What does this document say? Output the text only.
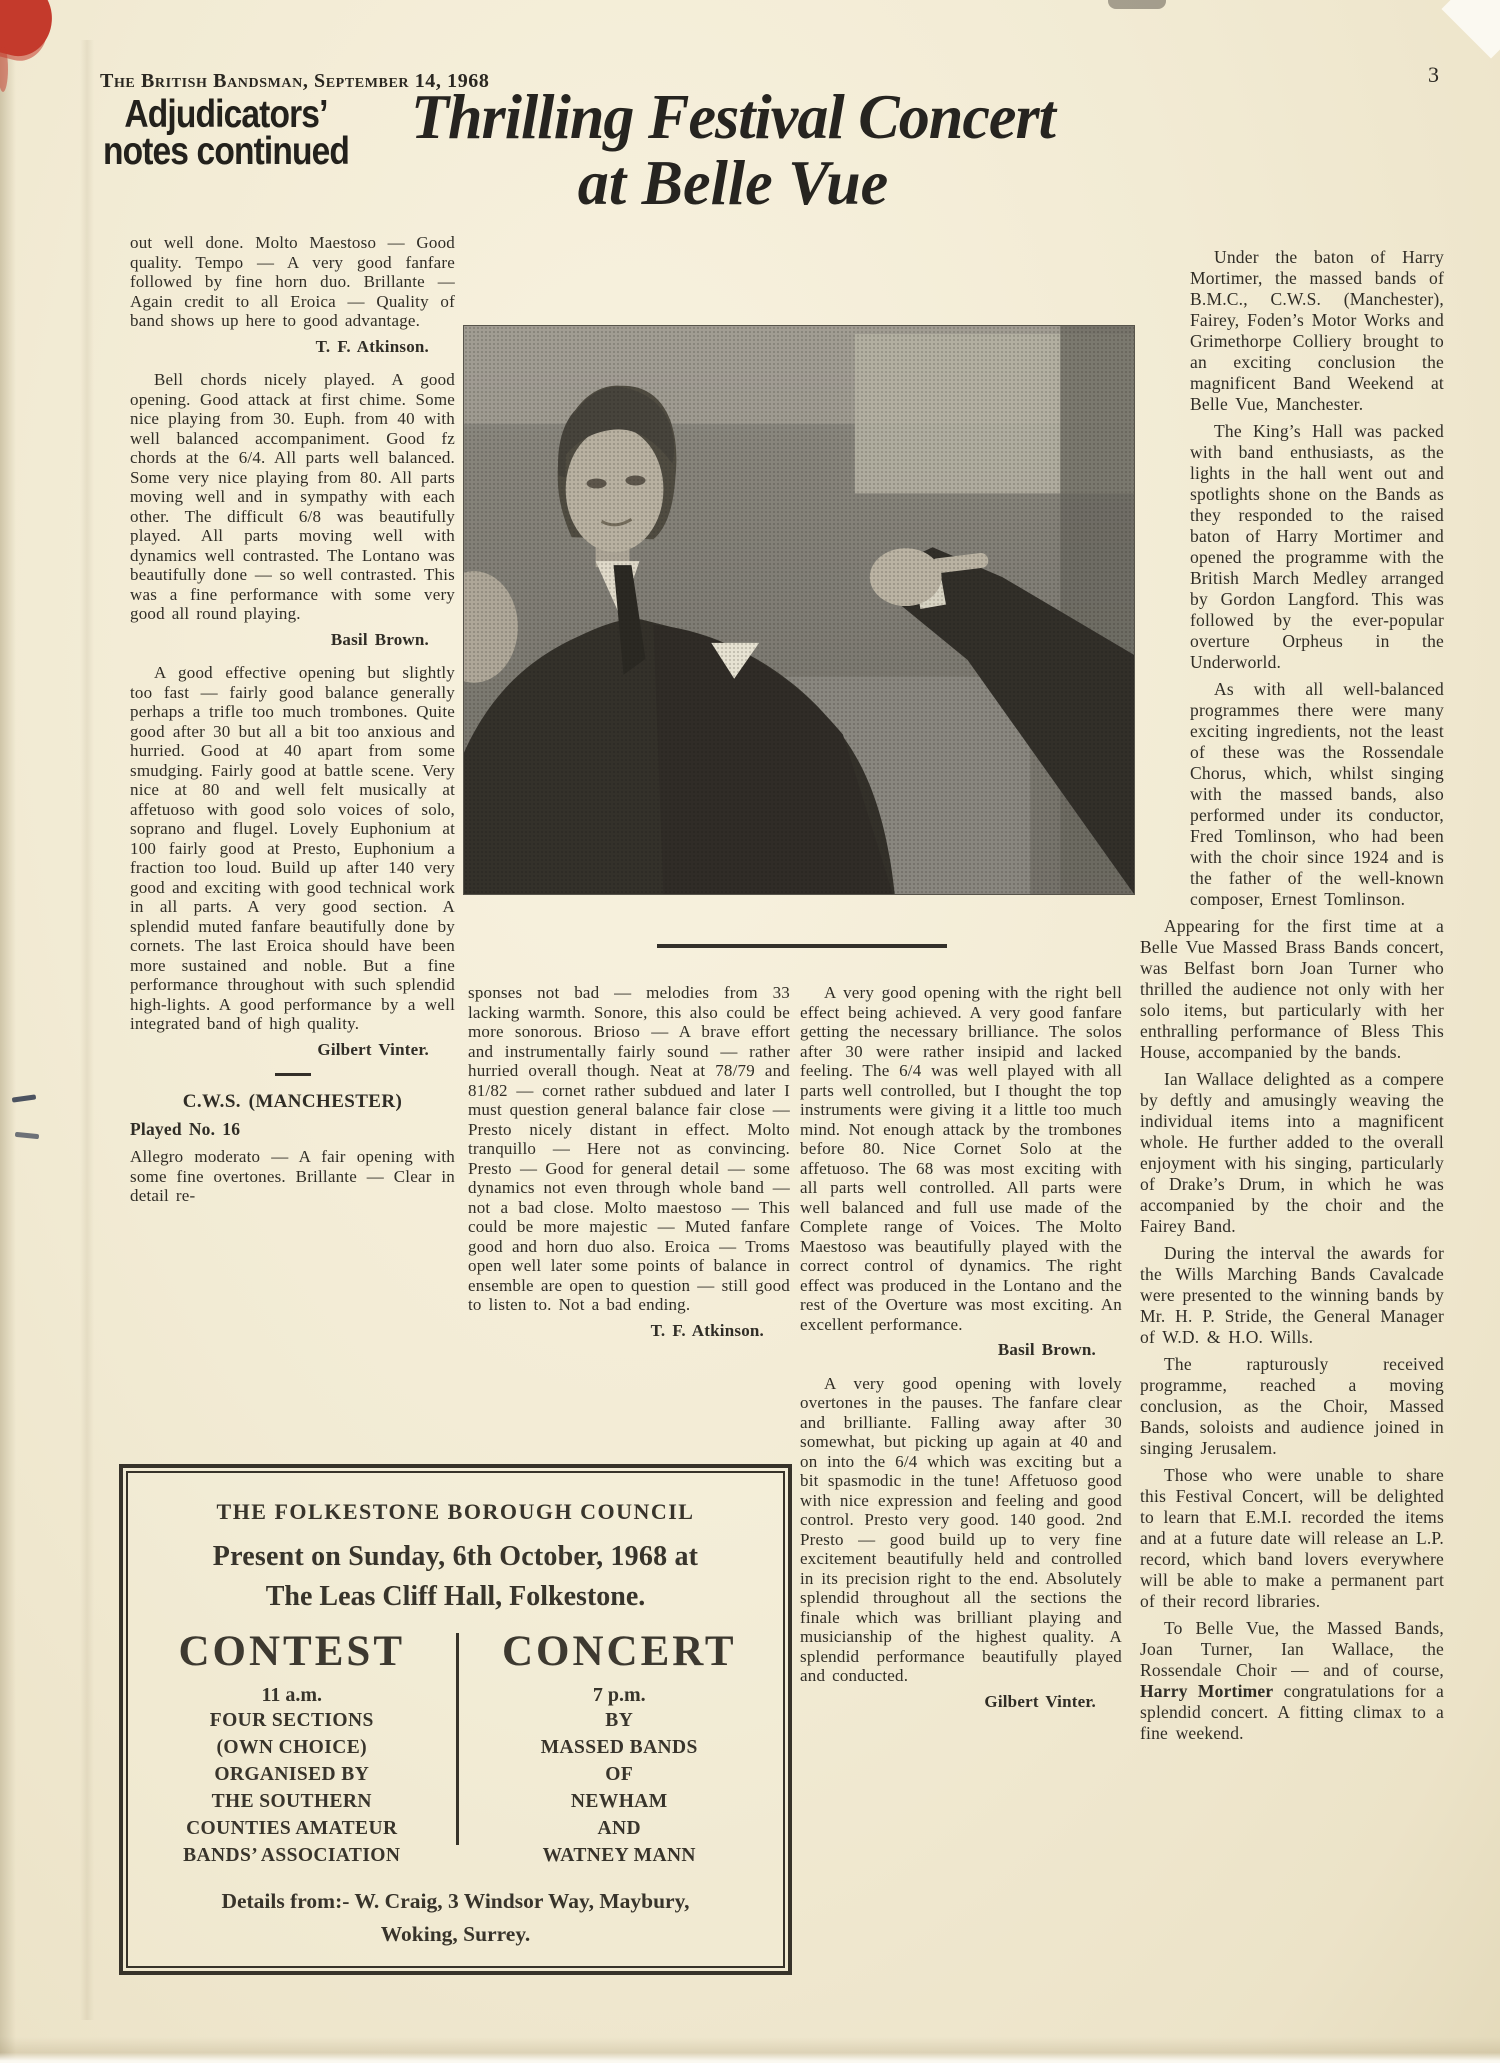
The British Bandsman, September 14, 1968	3
Adjudicators’
notes continued Thrilling Festival Concert
at Belle Vue

out well done. Molto Maestoso — Good quality. Tempo — A very good fanfare followed by fine horn duo. Brillante — Again credit to all Eroica — Quality of band shows up here to good advantage.

T. F. Atkinson.

Bell chords nicely played. A good opening. Good attack at first chime. Some nice playing from 30. Euph. from 40 with well balanced accompaniment. Good fz chords at the 6/4. All parts well balanced. Some very nice playing from 80. All parts moving well and in sympathy with each other. The difficult 6/8 was beautifully played. All parts moving well with dynamics well contrasted. The Lontano was beautifully done — so well contrasted. This was a fine performance with some very good all round playing.

Basil Brown.

A good effective opening but slightly too fast — fairly good balance generally perhaps a trifle too much trombones. Quite good after 30 but all a bit too anxious and hurried. Good at 40 apart from some smudging. Fairly good at battle scene. Very nice at 80 and well felt musically at affetuoso with good solo voices of solo, soprano and flugel. Lovely Euphonium at 100 fairly good at Presto, Euphonium a fraction too loud. Build up after 140 very good and exciting with good technical work in all parts. A very good section. A splendid muted fanfare beautifully done by cornets. The last Eroica should have been more sustained and noble. But a fine performance throughout with such splendid high-lights. A good performance by a well integrated band of high quality.

Gilbert Vinter.
C.W.S. (MANCHESTER)
Played No. 16

Allegro moderato — A fair opening with some fine overtones. Brillante — Clear in detail re-

sponses not bad — melodies from 33 lacking warmth. Sonore, this also could be more sonorous. Brioso — A brave effort and instrumentally fairly sound — rather hurried overall though. Neat at 78/79 and 81/82 — cornet rather subdued and later I must question general balance fair close — Presto nicely distant in effect. Molto tranquillo — Here not as convincing. Presto — Good for general detail — some dynamics not even through whole band — not a bad close. Molto maestoso — This could be more majestic — Muted fanfare good and horn duo also. Eroica — Troms open well later some points of balance in ensemble are open to question — still good to listen to. Not a bad ending.

T. F. Atkinson.

A very good opening with the right bell effect being achieved. A very good fanfare getting the necessary brilliance. The solos after 30 were rather insipid and lacked feeling. The 6/4 was well played with all parts well controlled, but I thought the top instruments were giving it a little too much mind. Not enough attack by the trombones before 80. Nice Cornet Solo at the affetuoso. The 68 was most exciting with all parts well controlled. All parts were well balanced and full use made of the Complete range of Voices. The Molto Maestoso was beautifully played with the correct control of dynamics. The right effect was produced in the Lontano and the rest of the Overture was most exciting. An excellent performance.

Basil Brown.

A very good opening with lovely overtones in the pauses. The fanfare clear and brilliante. Falling away after 30 somewhat, but picking up again at 40 and on into the 6/4 which was exciting but a bit spasmodic in the tune! Affetuoso good with nice expression and feeling and good control. Presto very good. 140 good. 2nd Presto — good build up to very fine excitement beautifully held and controlled in its precision right to the end. Absolutely splendid throughout all the sections the finale which was brilliant playing and musicianship of the highest quality. A splendid performance beautifully played and conducted.

Gilbert Vinter.

Under the baton of Harry Mortimer, the massed bands of B.M.C., C.W.S. (Manchester), Fairey, Foden’s Motor Works and Grimethorpe Colliery brought to an exciting conclusion the magnificent Band Weekend at Belle Vue, Manchester.

The King’s Hall was packed with band enthusiasts, as the lights in the hall went out and spotlights shone on the Bands as they responded to the raised baton of Harry Mortimer and opened the programme with the British March Medley arranged by Gordon Langford. This was followed by the ever-popular overture Orpheus in the Underworld.

As with all well-balanced programmes there were many exciting ingredients, not the least of these was the Rossendale Chorus, which, whilst singing with the massed bands, also performed under its conductor, Fred Tomlinson, who had been with the choir since 1924 and is the father of the well-known composer, Ernest Tomlinson.

Appearing for the first time at a Belle Vue Massed Brass Bands concert, was Belfast born Joan Turner who thrilled the audience not only with her solo items, but particularly with her enthralling performance of Bless This House, accompanied by the bands.

Ian Wallace delighted as a compere by deftly and amusingly weaving the individual items into a magnificent whole. He further added to the overall enjoyment with his singing, particularly of Drake’s Drum, in which he was accompanied by the choir and the Fairey Band.

During the interval the awards for the Wills Marching Bands Cavalcade were presented to the winning bands by Mr. H. P. Stride, the General Manager of W.D. & H.O. Wills.

The rapturously received programme, reached a moving conclusion, as the Choir, Massed Bands, soloists and audience joined in singing Jerusalem.

Those who were unable to share this Festival Concert, will be delighted to learn that E.M.I. recorded the items and at a future date will release an L.P. record, which band lovers everywhere will be able to make a permanent part of their record libraries.

To Belle Vue, the Massed Bands, Joan Turner, Ian Wallace, the Rossendale Choir — and of course, Harry Mortimer congratulations for a splendid concert. A fitting climax to a fine weekend.

THE FOLKESTONE BOROUGH COUNCIL
Present on Sunday, 6th October, 1968 at
The Leas Cliff Hall, Folkestone.
CONTEST
11 a.m.
FOUR SECTIONS
(OWN CHOICE)
ORGANISED BY
THE SOUTHERN
COUNTIES AMATEUR
BANDS’ ASSOCIATION
CONCERT
7 p.m.
BY
MASSED BANDS
OF
NEWHAM
AND
WATNEY MANN
Details from:- W. Craig, 3 Windsor Way, Maybury,
Woking, Surrey.
